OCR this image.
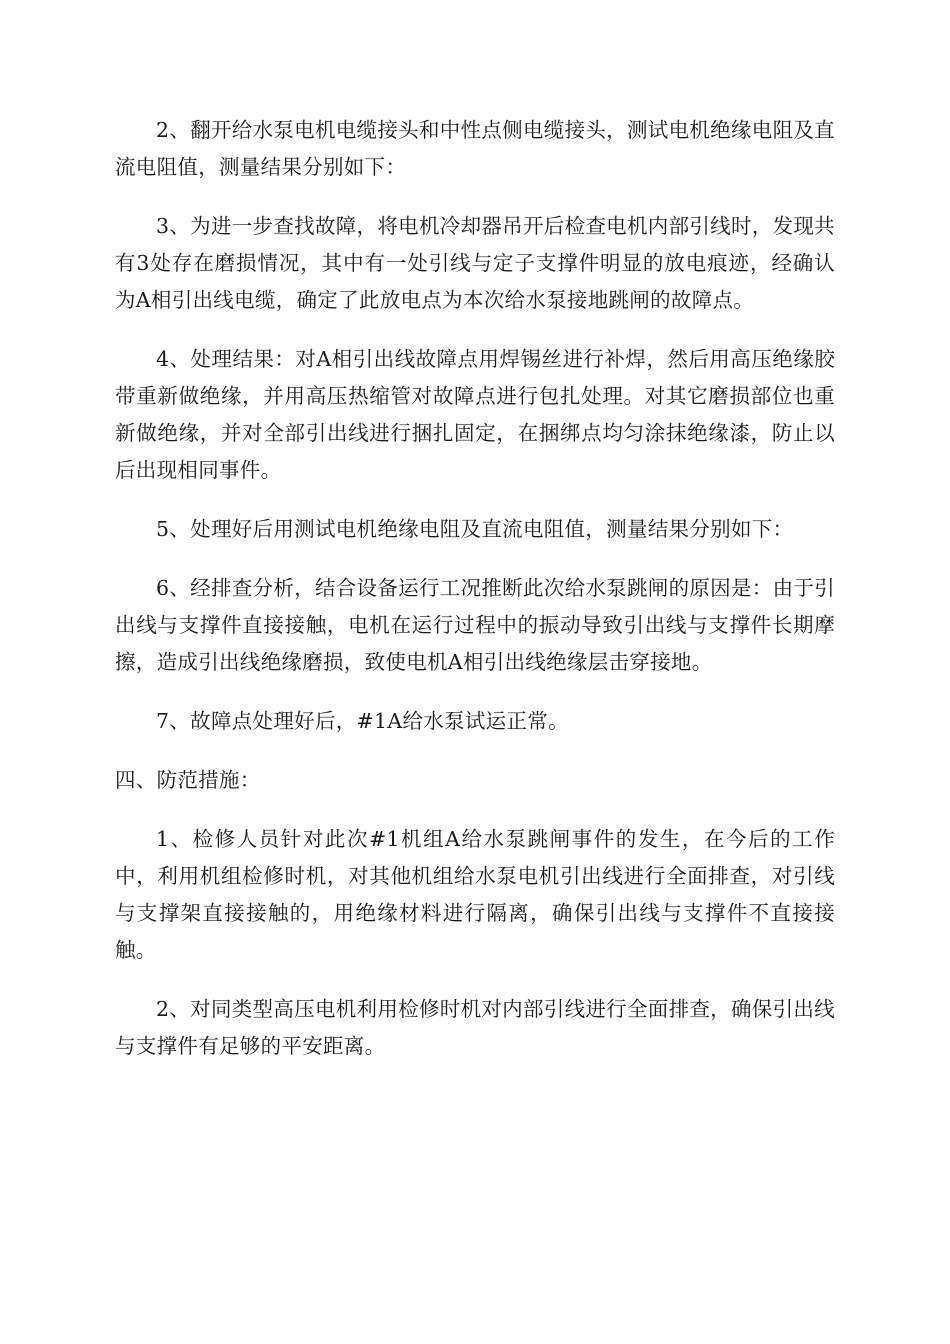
2、翻开给水泵电机电缆接头和中性点侧电缆接头，测试电机绝缘电阻及直流电阻值，测量结果分别如下：

3、为进一步查找故障，将电机冷却器吊开后检查电机内部引线时，发现共有3处存在磨损情况，其中有一处引线与定子支撑件明显的放电痕迹，经确认为A相引出线电缆，确定了此放电点为本次给水泵接地跳闸的故障点。

4、处理结果：对A相引出线故障点用焊锡丝进行补焊，然后用高压绝缘胶带重新做绝缘，并用高压热缩管对故障点进行包扎处理。对其它磨损部位也重新做绝缘，并对全部引出线进行捆扎固定，在捆绑点均匀涂抹绝缘漆，防止以后出现相同事件。

5、处理好后用测试电机绝缘电阻及直流电阻值，测量结果分别如下：

6、经排查分析，结合设备运行工况推断此次给水泵跳闸的原因是：由于引出线与支撑件直接接触，电机在运行过程中的振动导致引出线与支撑件长期摩擦，造成引出线绝缘磨损，致使电机A相引出线绝缘层击穿接地。

7、故障点处理好后，#1A给水泵试运正常。

四、防范措施：

1、检修人员针对此次#1机组A给水泵跳闸事件的发生，在今后的工作中，利用机组检修时机，对其他机组给水泵电机引出线进行全面排查，对引线与支撑架直接接触的，用绝缘材料进行隔离，确保引出线与支撑件不直接接触。

2、对同类型高压电机利用检修时机对内部引线进行全面排查，确保引出线与支撑件有足够的平安距离。
